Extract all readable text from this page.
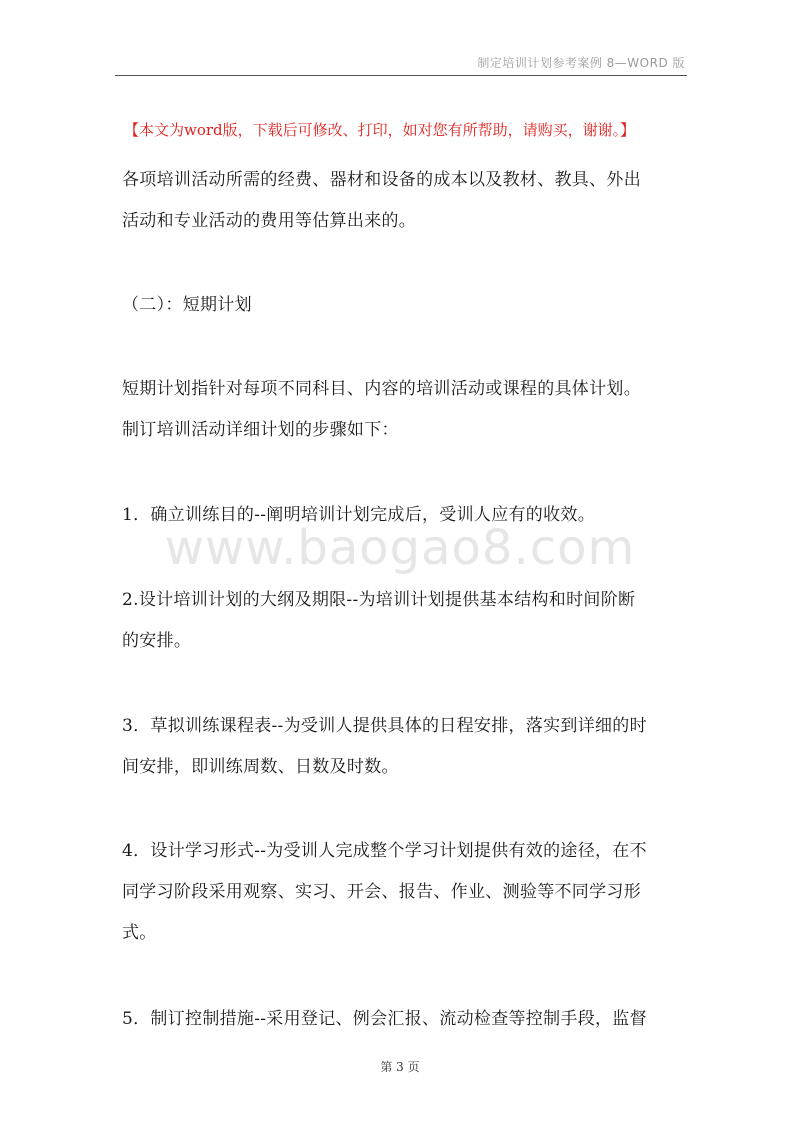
制定培训计划参考案例 8—WORD 版
【本文为word版，下载后可修改、打印，如对您有所帮助，请购买，谢谢。】
各项培训活动所需的经费、器材和设备的成本以及教材、教具、外出
活动和专业活动的费用等估算出来的。
（二）：短期计划
短期计划指针对每项不同科目、内容的培训活动或课程的具体计划。
制订培训活动详细计划的步骤如下：
1．确立训练目的--阐明培训计划完成后，受训人应有的收效。
2.设计培训计划的大纲及期限--为培训计划提供基本结构和时间阶断
的安排。
3．草拟训练课程表--为受训人提供具体的日程安排，落实到详细的时
间安排，即训练周数、日数及时数。
4．设计学习形式--为受训人完成整个学习计划提供有效的途径，在不
同学习阶段采用观察、实习、开会、报告、作业、测验等不同学习形
式。
5．制订控制措施--采用登记、例会汇报、流动检查等控制手段，监督
www.baogao8.com
第 3 页
